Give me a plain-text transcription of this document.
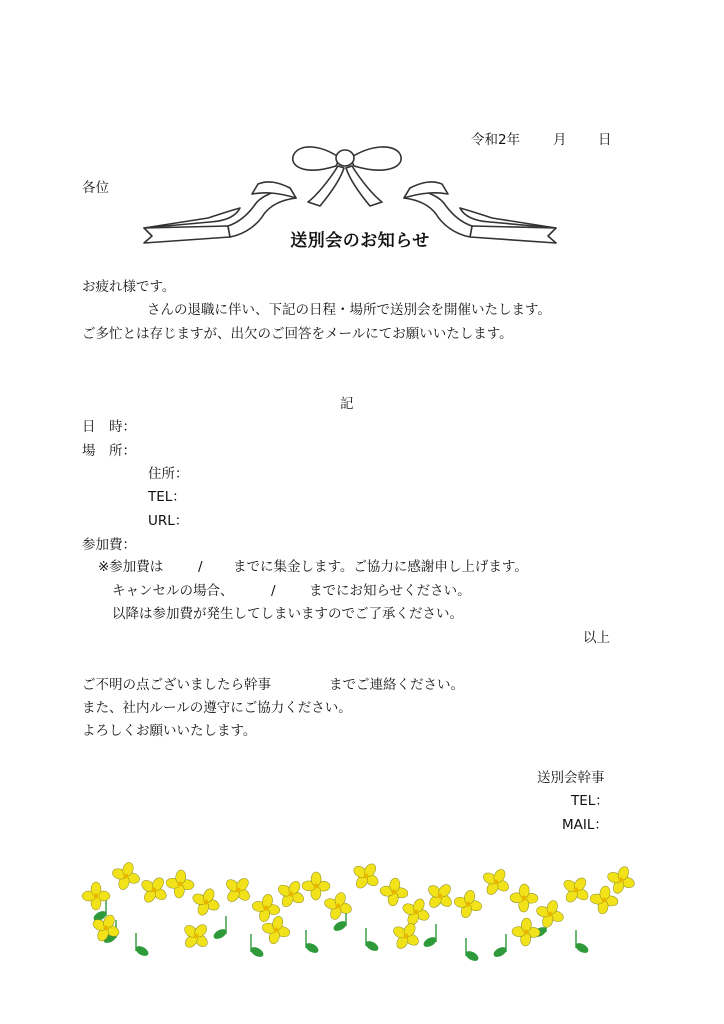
令和2年 月 日
各位
送別会のお知らせ
お疲れ様です。
さんの退職に伴い、下記の日程・場所で送別会を開催いたします。
ご多忙とは存じますが、出欠のご回答をメールにてお願いいたします。
記
日　時：
場　所：
住所：
TEL：
URL：
参加費：
※参加費は	/ までに集金します。ご協力に感謝申し上げます。
キャンセルの場合、	/ までにお知らせください。
以降は参加費が発生してしまいますのでご了承ください。
以上
ご不明の点ございましたら幹事	までご連絡ください。
また、社内ルールの遵守にご協力ください。
よろしくお願いいたします。
送別会幹事
TEL：
MAIL：
